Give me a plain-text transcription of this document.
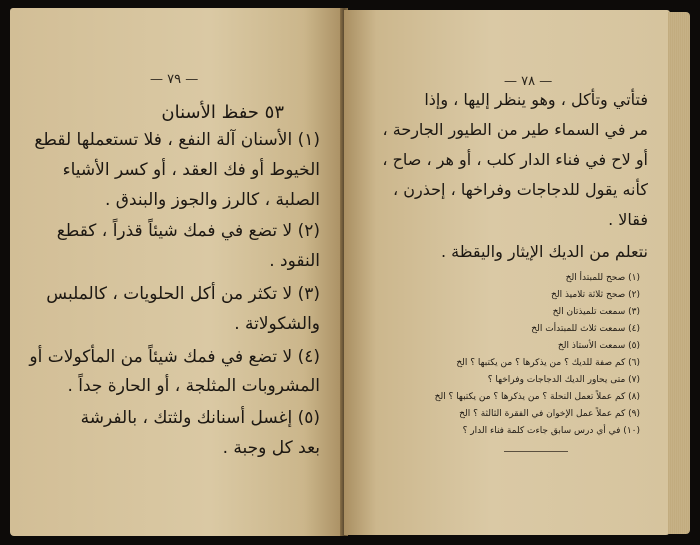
— ٧٩ —
٥٣ حفظ الأسنان
(١) الأسنان آلة النفع ، فلا تستعملها لقطع
الخيوط أو فك العقد ، أو كسر الأشياء
الصلبة ، كالرز والجوز والبندق .
(٢) لا تضع في فمك شيئاً قذراً ، كقطع
النقود .
(٣) لا تكثر من أكل الحلويات ، كالملبس
والشكولاتة .
(٤) لا تضع في فمك شيئاً من المأكولات أو
المشروبات المثلجة ، أو الحارة جداً .
(٥) إغسل أسنانك ولثتك ، بالفرشة
بعد كل وجبة .
— ٧٨ —
فتأتي وتأكل ، وهو ينظر إليها ، وإذا
مر في السماء طير من الطيور الجارحة ،
أو لاح في فناء الدار كلب ، أو هر ، صاح ،
كأنه يقول للدجاجات وفراخها ، إحذرن ،
فقالا .
نتعلم من الديك الإيثار واليقظة .
(١) صحح للمبتدأ الخ
(٢) صحح ثلاثة تلاميذ الخ
(٣) سمعت تلميذتان الخ
(٤) سمعت ثلاث للمبتدأت الخ
(٥) سمعت الأستاذ الخ
(٦) كم صفة للديك ؟ من يذكرها ؟ من يكتبها ؟ الخ
(٧) متى يحاور الديك الدجاجات وفراخها ؟
(٨) كم عملاً تعمل النحلة ؟ من يذكرها ؟ من يكتبها ؟ الخ
(٩) كم عملاً عمل الإخوان في الفقرة الثالثة ؟ الخ
(١٠) في أي درس سابق جاءت كلمة فناء الدار ؟
